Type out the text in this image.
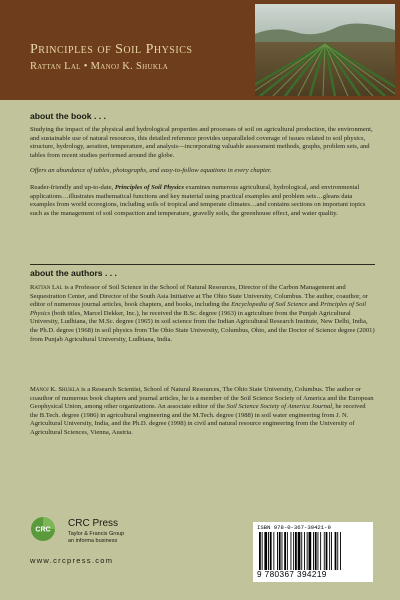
Principles of Soil Physics
Rattan Lal • Manoj K. Shukla
about the book . . .
Studying the impact of the physical and hydrological properties and processes of soil on agricultural production, the environment, and sustainable use of natural resources, this detailed reference provides unparalleled coverage of issues related to soil physics, structure, hydrology, aeration, temperature, and analysis—incorporating valuable assessment methods, graphs, problem sets, and tables from recent studies performed around the globe.
Offers an abundance of tables, photographs, and easy-to-follow equations in every chapter.
Reader-friendly and up-to-date, Principles of Soil Physics examines numerous agricultural, hydrological, and environmental applications…illustrates mathematical functions and key material using practical examples and problem sets…gleans data examples from world ecoregions, including soils of tropical and temperate climates…and contains sections on important topics such as the management of soil compaction and temperature, gravelly soils, the greenhouse effect, and water quality.
about the authors . . .
Rattan Lal is a Professor of Soil Science in the School of Natural Resources, Director of the Carbon Management and Sequestration Center, and Director of the South Asia Initiative at The Ohio State University, Columbus. The author, coauthor, or editor of numerous journal articles, book chapters, and books, including the Encyclopedia of Soil Science and Principles of Soil Physics (both titles, Marcel Dekker, Inc.), he received the B.Sc. degree (1963) in agriculture from the Punjab Agricultural University, Ludhiana, the M.Sc. degree (1965) in soil science from the Indian Agricultural Research Institute, New Delhi, India, the Ph.D. degree (1968) in soil physics from The Ohio State University, Columbus, Ohio, and the Doctor of Science degree (2001) from Punjab Agricultural University, Ludhiana, India.
Manoj K. Shukla is a Research Scientist, School of Natural Resources, The Ohio State University, Columbus. The author or coauthor of numerous book chapters and journal articles, he is a member of the Soil Science Society of America and the European Geophysical Union, among other organizations. An associate editor of the Soil Science Society of America Journal, he received the B.Tech. degree (1986) in agricultural engineering and the M.Tech. degree (1988) in soil water engineering from J. N. Agricultural University, India, and the Ph.D. degree (1998) in civil and natural resource engineering from the University of Agricultural Sciences, Vienna, Austria.
CRC
CRC Press
Taylor & Francis Group
an informa business
www.crcpress.com
ISBN 978-0-367-39421-9
9 780367 394219
